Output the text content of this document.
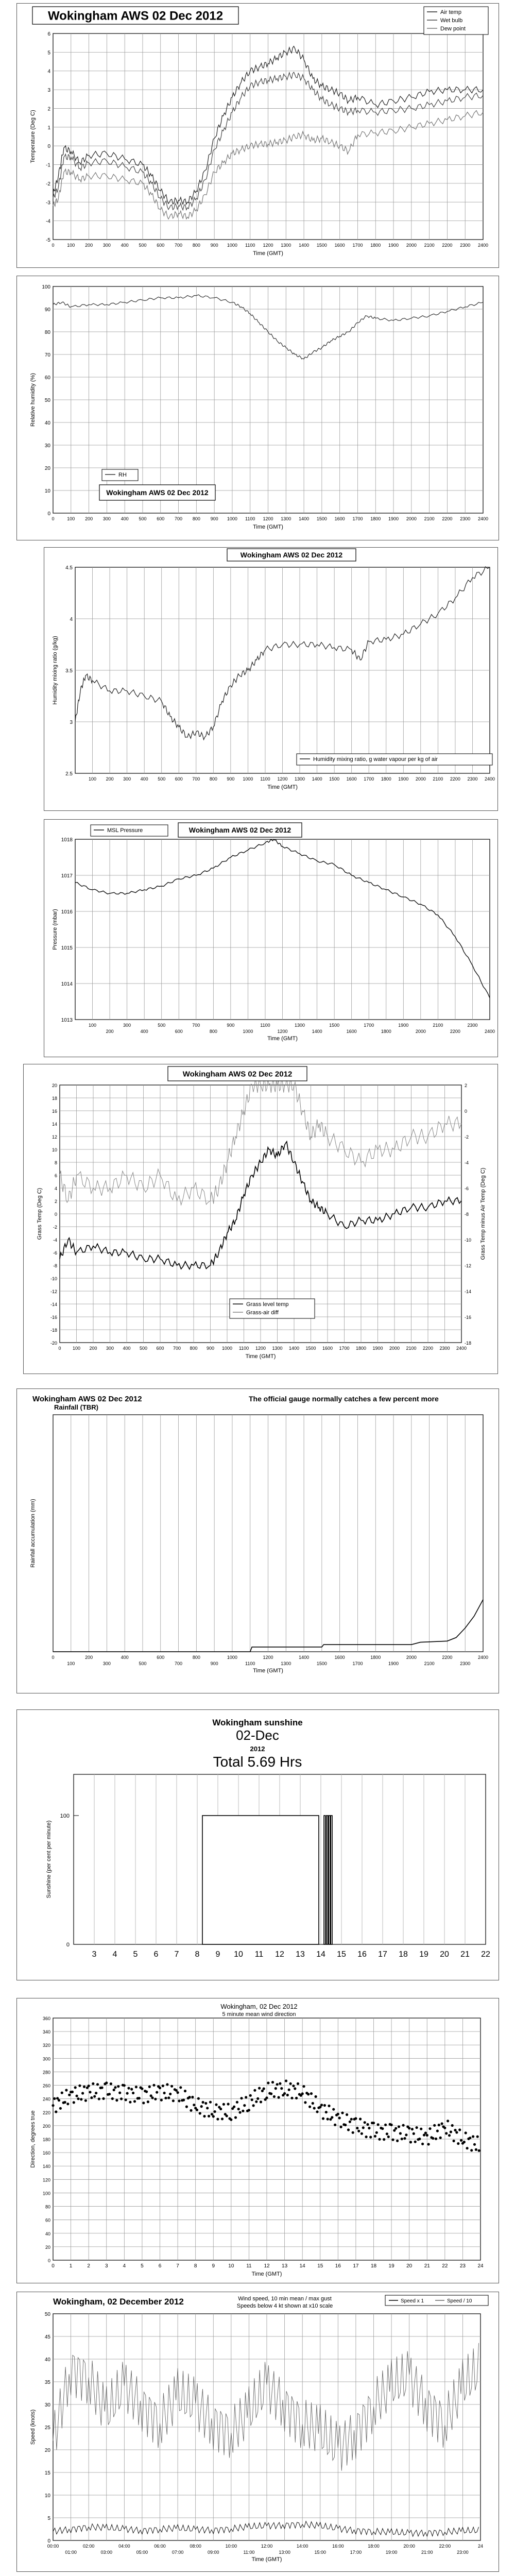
0	100 200 300 400 500 600 700 800 900 1000 1100 1200 1300 1400 1500 1600 1700 1800 1900 2000 2100 2200 2300 2400
-5
-4
-3
-2
-1
0
1
2
3
4
5
6
Time (GMT)
Temperature (Deg C)
Wokingham AWS 02 Dec 2012	Air temp
Wet bulb
Dew point
0	100 200 300 400 500 600 700 800 900 1000 1100 1200 1300 1400 1500 1600 1700 1800 1900 2000 2100 2200 2300 2400
0
10
20
30
40
50
60
70
80
90
100
Time (GMT)
Relative humidity (%)
RH
Wokingham AWS 02 Dec 2012
100 200 300 400 500 600 700 800 900 1000 1100 1200 1300 1400 1500 1600 1700 1800 1900 2000 2100 2200 2300 2400
2.5
3
3.5
4
4.5
Time (GMT)
Humidity mixing ratio (g/kg)
Wokingham AWS 02 Dec 2012
Humidity mixing ratio, g water vapour per kg of air
100
200
300
400
500
600
700
800
900
1000
1100
1200
1300
1400
1500
1600
1700
1800
1900
2000
2100
2200
2300
2400
1013
1014
1015
1016
1017
1018
Time (GMT)
Pressure (mbar)
MSL Pressure	Wokingham AWS 02 Dec 2012
0 100 200 300 400 500 600 700 800 900 1000 1100 1200 1300 1400 1500 1600 1700 1800 1900 2000 2100 2200 2300 2400
-20
-18
-16
-14
-12
-10
-8
-6
-4
-2
0
2
4
6
8
10
12
14
16
18
20
Time (GMT)
Grass Temp (Deg C)
-18
-16
-14
-12
-10
-8
-6
-4
-2
0
2
Grass Temp minus Air Temp (Deg C)
Wokingham AWS 02 Dec 2012
Grass level temp
Grass-air diff
0
100
200
300
400
500
600
700
800
900
1000
1100
1200
1300
1400
1500
1600
1700
1800
1900
2000
2100
2200
2300
2400
Time (GMT)
Rainfall accumulation (mm)
Wokingham AWS 02 Dec 2012
Rainfall (TBR)
The official gauge normally catches a few percent more
3 4 5 6 7 8 9 10 11 12 13 14 15 16 17 18 19 20 21 22
0
100
Sunshine (per cent per minute)
Wokingham sunshine
02-Dec
2012
Total 5.69 Hrs
0	1	2	3	4	5	6	7	8	9	10 11 12 13 14 15 16 17 18 19 20 21 22 23 24
0
20
40
60
80
100
120
140
160
180
200
220
240
260
280
300
320
340
360
Time (GMT)
Direction, degrees true
Wokingham, 02 Dec 2012
5 minute mean wind direction
00:00
01:00
02:00
03:00
04:00
05:00
06:00
07:00
08:00
09:00
10:00
11:00
12:00
13:00
14:00
15:00
16:00
17:00
18:00
19:00
20:00
21:00
22:00
23:00
24
0
5
10
15
20
25
30
35
40
45
50
Time (GMT)
Speed (knots)
Wokingham, 02 December 2012	Wind speed, 10 min mean / max gust
Speeds below 4 kt shown at x10 scale
Speed x 1	Speed / 10
